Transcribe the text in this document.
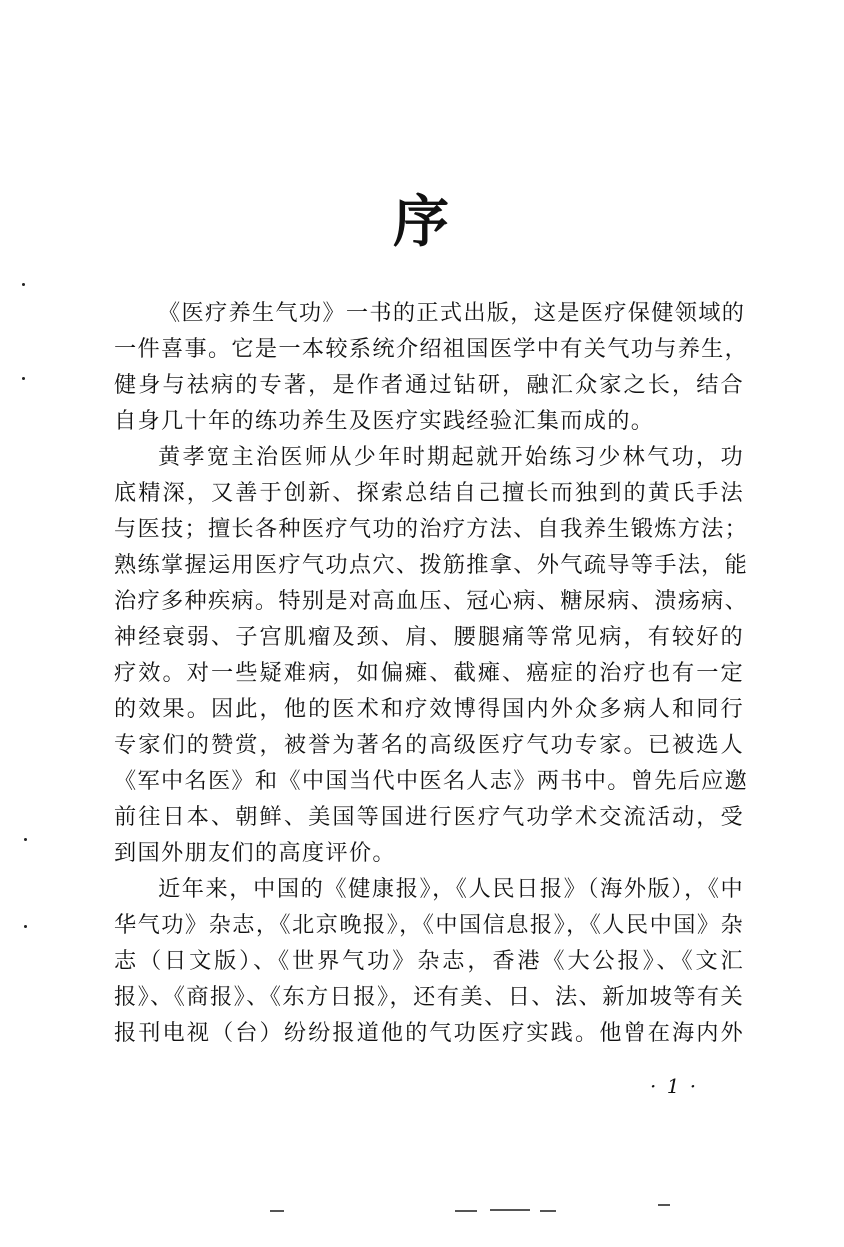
序
《医疗养生气功》一书的正式出版，这是医疗保健领域的
一件喜事。它是一本较系统介绍祖国医学中有关气功与养生，
健身与祛病的专著，是作者通过钻研，融汇众家之长，结合
自身几十年的练功养生及医疗实践经验汇集而成的。
黄孝宽主治医师从少年时期起就开始练习少林气功，功
底精深，又善于创新、探索总结自己擅长而独到的黄氏手法
与医技；擅长各种医疗气功的治疗方法、自我养生锻炼方法；
熟练掌握运用医疗气功点穴、拨筋推拿、外气疏导等手法，能
治疗多种疾病。特别是对高血压、冠心病、糖尿病、溃疡病、
神经衰弱、子宫肌瘤及颈、肩、腰腿痛等常见病，有较好的
疗效。对一些疑难病，如偏瘫、截瘫、癌症的治疗也有一定
的效果。因此，他的医术和疗效博得国内外众多病人和同行
专家们的赞赏，被誉为著名的高级医疗气功专家。已被选人
《军中名医》和《中国当代中医名人志》两书中。曾先后应邀
前往日本、朝鲜、美国等国进行医疗气功学术交流活动，受
到国外朋友们的高度评价。
近年来，中国的《健康报》，《人民日报》（海外版），《中
华气功》杂志，《北京晚报》，《中国信息报》，《人民中国》杂
志（日文版）、《世界气功》杂志，香港《大公报》、《文汇
报》、《商报》、《东方日报》，还有美、日、法、新加坡等有关
报刊电视（台）纷纷报道他的气功医疗实践。他曾在海内外
· 1 ·
